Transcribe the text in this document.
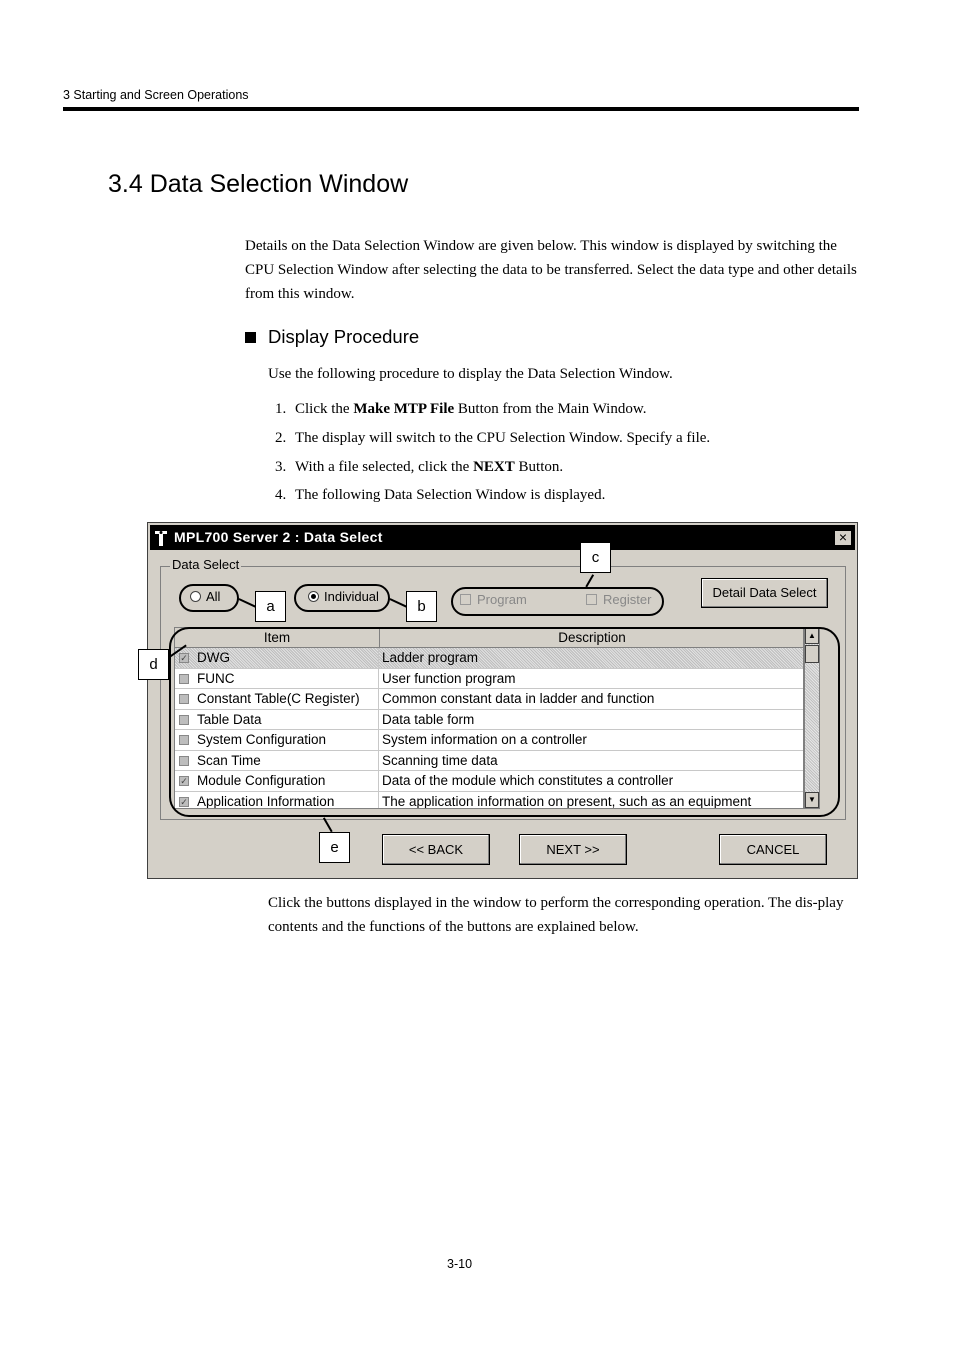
3 Starting and Screen Operations
3.4 Data Selection Window
Details on the Data Selection Window are given below. This window is displayed by switching the CPU Selection Window after selecting the data to be transferred. Select the data type and other details from this window.
Display Procedure
Use the following procedure to display the Data Selection Window.
1. Click the Make MTP File Button from the Main Window.
2. The display will switch to the CPU Selection Window. Specify a file.
3. With a file selected, click the NEXT Button.
4. The following Data Selection Window is displayed.
MPL700 Server 2 : Data Select	×
Data Select
All	Individual	Program	Register	Detail Data Select
Item	Description
✓ DWG	Ladder program
FUNC	User function program
Constant Table(C Register)	Common constant data in ladder and function
Table Data	Data table form
System Configuration	System information on a controller
Scan Time	Scanning time data
✓ Module Configuration	Data of the module which constitutes a controller
✓ Application Information	The application information on present, such as an equipment
▲
▼
<< BACK	NEXT >>	CANCEL
a	b
c
d
e
Click the buttons displayed in the window to perform the corresponding operation. The dis-play contents and the functions of the buttons are explained below.
3-10
